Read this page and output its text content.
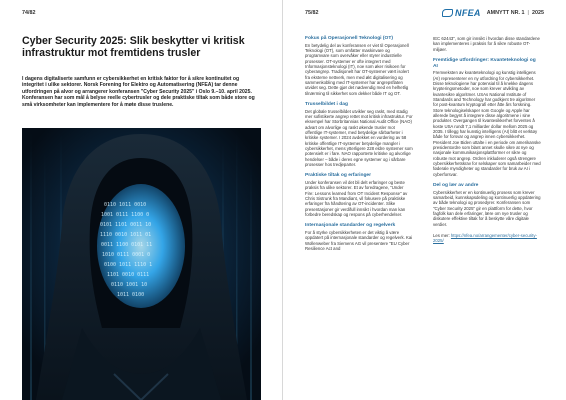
74/82
Cyber Security 2025: Slik beskytter vi kritisk infrastruktur mot fremtidens trusler

I dagens digitaliserte samfunn er cybersikkerhet en kritisk faktor for å sikre kontinuitet og integritet i ulike sektorer. Norsk Forening for Elektro og Automatisering (NFEA) tar denne utfordringen på alvor og arrangerer konferansen "Cyber Security 2025" i Oslo 9.–10. april 2025. Konferansen har som mål å belyse reelle cybertrusler og dele praktiske tiltak som både store og små virksomheter kan implementere for å møte disse truslene.

0110 1011 0010
1001 0111 1100 0
0101 1101 0011 10
1110 0010 1011 01
0011 1100 0101 11
1010 0111 0001 0
0100 1011 1110 1
1101 0010 0111
0110 1001 10
1011 0100
75/82	NFEA AMNYTT NR. 1 | 2025
Fokus på Operasjonell Teknologi (OT)

En betydelig del av konferansen er viet til Operasjonell Teknologi (OT), som omfatter maskinvare og programvare som overvåker eller styrer industrielle prosesser. OT-systemer er ofte integrert med Informasjonsteknologi (IT), noe som øker risikoen for cyberangrep. Tradisjonelt har OT-systemer vært isolert fra eksterne nettverk, men med økt digitalisering og sammenkobling med IT-systemer har angrepsflaten utvidet seg. Dette gjør det nødvendig med en helhetlig tilnærming til sikkerhet som dekker både IT og OT.

Trusselbildet i dag

Det globale trusselbildet utvikler seg raskt, med stadig mer sofistikerte angrep rettet mot kritisk infrastruktur. For eksempel har Storbritannias National Audit Office (NAO) advart om alvorlige og raskt økende trusler mot offentlige IT-systemer, med betydelige sårbarheter i kritiske systemer. I 2024 avdekket en vurdering av 58 kritiske offentlige IT-systemer betydelige mangler i cybersikkerhet, mens ytterligere 228 eldre systemer som potensielt er i fare. NAO rapporterte kritiske og alvorlige hendelser – både i deres egne systemer og i sårbare prosesser hos tredjeparter.

Praktiske tiltak og erfaringer

Under konferansen vil det bli delt erfaringer og beste praksis fra ulike sektorer. Et av foredragene, "Under Fire: Lessons learned from OT Incident Response" av Chris Sistrunk fra Mandiant, vil fokusere på praktiske erfaringer fra håndtering av OT-incidenter. Slike presentasjoner gir verdifull innsikt i hvordan man kan forbedre beredskap og respons på cyberhendelser.

Internasjonale standarder og regelverk

For å styrke cybersikkerheten er det viktig å være oppdatert på internasjonale standarder og regelverk. Kai Wollenweber fra Siemens AG vil presentere "EU Cyber Resilience Act and

IEC 62443", som gir innsikt i hvordan disse standardene kan implementeres i praksis for å sikre robuste OT-miljøer.

Fremtidige utfordringer: Kvanteteknologi og AI

Fremveksten av kvanteteknologi og kunstig intelligens (AI) representerer en ny utfordring for cybersikkerhet. Disse teknologiene har potensial til å knekke dagens krypteringsmetoder, noe som krever utvikling av kvantesikre algoritmer. USAs National Institute of Standards and Technology har godkjent tre algoritmer for post-kvantum kryptografi etter åtte års forskning. Store teknologiselskaper som Google og Apple har allerede begynt å integrere disse algoritmene i sine produkter. Overgangen til kvantesikkerhet forventes å koste USA rundt 7,1 milliarder dollar mellom 2025 og 2035. I tillegg har kunstig intelligens (AI) blitt et verktøy både for forsvar og angrep innen cybersikkerhet. President Joe Biden uttalte i en periode om amerikanske presidentordre som blant annet skulle sikre at nye og nasjonale kommunikasjonsplattformer er sikre og robuste mot angrep. Ordren inkluderer også strengere cybersikkerhetskrav for selskaper som samarbeider med føderale myndigheter og standarder for bruk av AI i cyberforsvar.

Del og lær av andre

Cybersikkerhet er en kontinuerlig prosess som krever samarbeid, kunnskapsdeling og kontinuerlig oppdatering av både teknologi og prosedyrer. Konferansen som "Cyber Security 2025" gir en plattform for dette, hvor fagfolk kan dele erfaringer, lære om nye trusler og diskutere effektive tiltak for å beskytte våre digitale verdier.

Les mer: https://nfea.no/arrangementer/cyber-security-2025/
